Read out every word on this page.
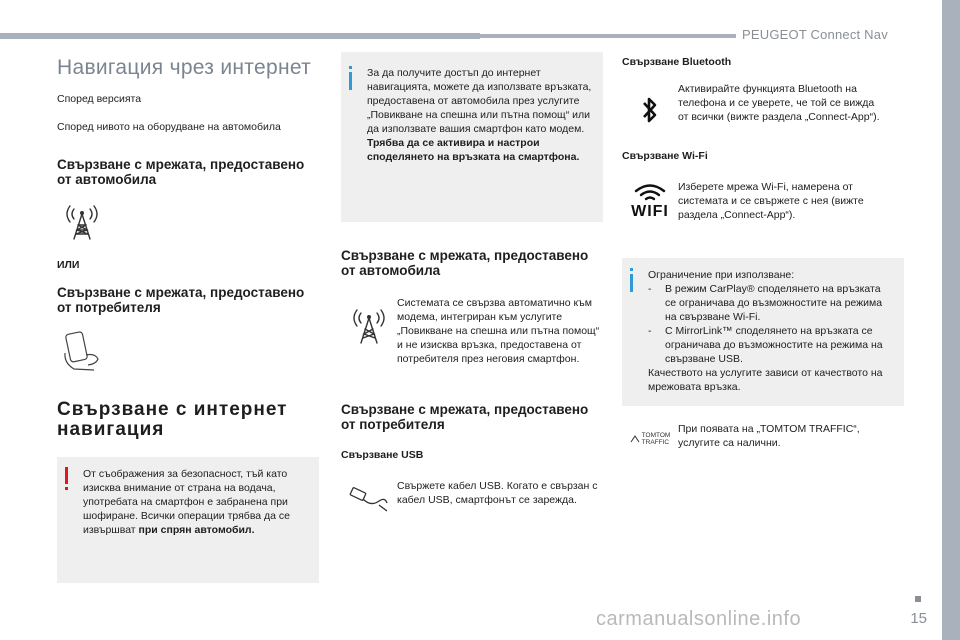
PEUGEOT Connect Nav
Навигация чрез интернет
Според версията
Според нивото на оборудване на автомобила
Свързване с мрежата, предоставено от автомобила
ИЛИ
Свързване с мрежата, предоставено от потребителя
Свързване с интернет навигация
От съображения за безопасност, тъй като изисква внимание от страна на водача, употребата на смартфон е забранена при шофиране. Всички операции трябва да се извършват при спрян автомобил.
За да получите достъп до интернет навигацията, можете да използвате връзката, предоставена от автомобила през услугите „Повикване на спешна или пътна помощ“ или да използвате вашия смартфон като модем. Трябва да се активира и настрои споделянето на връзката на смартфона.
Свързване с мрежата, предоставено от автомобила
Системата се свързва автоматично към модема, интегриран към услугите „Повикване на спешна или пътна помощ“ и не изисква връзка, предоставена от потребителя през неговия смартфон.
Свързване с мрежата, предоставено от потребителя
Свързване USB
Свържете кабел USB. Когато е свързан с кабел USB, смартфонът се зарежда.
Свързване Bluetooth
Активирайте функцията Bluetooth на телефона и се уверете, че той се вижда от всички (вижте раздела „Connect-App“).
Свързване Wi-Fi
WIFI
Изберете мрежа Wi-Fi, намерена от системата и се свържете с нея (вижте раздела „Connect-App“).
Ограничение при използване:
-	В режим CarPlay® споделянето на връзката се ограничава до възможностите на режима на свързване Wi-Fi.
-	С MirrorLink™ споделянето на връзката се ограничава до възможностите на режима на свързване USB.
Качеството на услугите зависи от качеството на мрежовата връзка.
TOMTOM
TRAFFIC
При появата на „TOMTOM TRAFFIC“, услугите са налични.
carmanualsonline.info	15
